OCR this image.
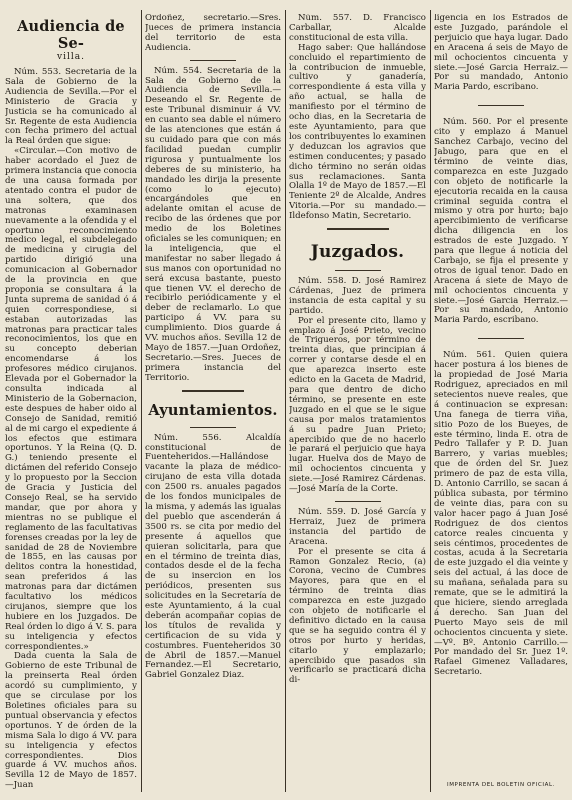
Audiencia de Se-
villa.

Núm. 553. Secretaria de la Sala de Gobierno de la Audiencia de Sevilla.—Por el Ministerio de Gracia y Justicia se ha comunicado al Sr. Regente de esta Audiencia con fecha primero del actual la Real órden que sigue:

«Circular.—Con motivo de haber acordado el Juez de primera instancia que conocia de una causa formada por atentado contra el pudor de una soltera, que dos matronas examinasen nuevamente a la ofendida y el oportuno reconocimiento medico legal, el subdelegado de medicina y cirugia del partido dirigió una comunicacion al Gobernador de la provincia en que proponia se consultara á la Junta suprema de sanidad ó á quien correspondiese, si estaban autorizadas las matronas para practicar tales reconocimientos, los que en su concepto deberian encomendarse á los profesores médico cirujanos. Elevada por el Gobernador la consulta indicada al Ministerio de la Gobernacion, este despues de haber oido al Consejo de Sanidad, remitió al de mi cargo el expediente á los efectos que estimara oportunos. Y la Reina (Q. D. G.) teniendo presente el dictámen del referido Consejo y lo propuesto por la Seccion de Gracia y Justicia del Consejo Real, se ha servido mandar, que por ahora y mientras no se publique el reglamento de las facultativas forenses creadas por la ley de sanidad de 28 de Noviembre de 1855, en las causas por delitos contra la honestidad, sean preferidos á las matronas para dar dictámen facultativo los médicos cirujanos, siempre que los hubiere en los Juzgados. De Real órden lo digo á V. S. para su inteligencia y efectos correspondientes.»

Dada cuenta la Sala de Gobierno de este Tribunal de la preinserta Real órden acordó su cumplimiento, y que se circulase por los Boletines oficiales para su puntual observancia y efectos oportunos. Y de órden de la misma Sala lo digo á VV. para su inteligencia y efectos correspondientes. Dios guarde á VV. muchos años. Sevilla 12 de Mayo de 1857.—Juan

Ordoñez, secretario.—Sres. Jueces de primera instancia del territorio de esta Audiencia.

Núm. 554. Secretaria de la Sala de Gobierno de la Audiencia de Sevilla.—Deseando el Sr. Regente de este Tribunal disminuir á VV. en cuanto sea dable el número de las atenciones que están á su cuidado para que con más facilidad puedan cumplir rigurosa y puntualmente los deberes de su ministerio, ha mandado les dirija la presente (como lo ejecuto) encargándoles que en adelante omitan el acuse de recibo de las órdenes que por medio de los Boletines oficiales se les comuniquen; en la inteligencia, que el manifestar no saber llegado á sus manos con oportunidad no será excusa bastante, puesto que tienen VV. el derecho de recibirlo periódicamente y el deber de reclamarlo. Lo que participo á VV. para su cumplimiento. Dios guarde á VV. muchos años. Sevilla 12 de Mayo de 1857.—Juan Ordoñez, Secretario.—Sres. Jueces de primera instancia del Territorio.

Ayuntamientos.

Núm. 556. Alcaldía constitucional de Fuenteheridos.—Hallándose vacante la plaza de médico-cirujano de esta villa dotada con 2500 rs. anuales pagados de los fondos municipales de la misma, y además las igualas del pueblo que ascenderán á 3500 rs. se cita por medio del presente á aquellos que quieran solicitarla, para que en el término de treinta dias, contados desde el de la fecha de su insercion en los periódicos, presenten sus solicitudes en la Secretaría de este Ayuntamiento, á la cual deberán acompañar copias de los títulos de revalida y certificacion de su vida y costumbres. Fuenteheridos 30 de Abril de 1857.—Manuel Fernandez.—El Secretario, Gabriel Gonzalez Diaz.

Núm. 557. D. Francisco Carballar, Alcalde constitucional de esta villa.

Hago saber: Que hallándose concluido el repartimiento de la contribucion de inmueble, cultivo y ganadería, correspondiente á esta villa y año actual, se halla de manifiesto por el término de ocho dias, en la Secretaria de este Ayuntamiento, para que los contribuyentes lo examinen y deduzcan los agravios que estimen conducentes; y pasado dicho término no serán oidas sus reclamaciones. Santa Olalla 1º de Mayo de 1857.—El Teniente 2º de Alcalde, Andres Vitoria.—Por su mandado.—Ildefonso Matin, Secretario.

Juzgados.

Núm. 558. D. José Ramirez Cárdenas, Juez de primera instancia de esta capital y su partido.

Por el presente cito, llamo y emplazo á José Prieto, vecino de Trigueros, por término de treinta dias, que principian á correr y contarse desde el en que aparezca inserto este edicto en la Gaceta de Madrid, para que dentro de dicho término, se presente en este Juzgado en el que se le sigue causa por malos tratamientos á su padre Juan Prieto; apercibido que de no hacerlo le parará el perjuicio que haya lugar. Huelva dos de Mayo de mil ochocientos cincuenta y siete.—José Ramirez Cárdenas.—José María de la Corte.

Núm. 559. D. José García y Herraiz, Juez de primera instancia del partido de Aracena.

Por el presente se cita á Ramon Gonzalez Recio, (a) Corona, vecino de Cumbres Mayores, para que en el término de treinta dias comparezca en este juzgado con objeto de notificarle el definitivo dictado en la causa que se ha seguido contra él y otros por hurto y heridas, citarlo y emplazarlo; apercibido que pasados sin verificarlo se practicará dicha di-

ligencia en los Estrados de este Juzgado, parándole el perjuicio que haya lugar. Dado en Aracena á seis de Mayo de mil ochocientos cincuenta y siete.—José Garcia Herraiz.—Por su mandado, Antonio Maria Pardo, escribano.

Núm. 560. Por el presente cito y emplazo á Manuel Sanchez Carbajo, vecino del Jabugo, para que en el término de veinte dias, comparezca en este Juzgado con objeto de notificarle la ejecutoria recaida en la causa criminal seguida contra el mismo y otra por hurto; bajo apercibimiento de verificarse dicha diligencia en los estrados de este Juzgado. Y para que llegue á noticia del Carbajo, se fija el presente y otros de igual tenor. Dado en Aracena á siete de Mayo de mil ochocientos cincuenta y siete.—José Garcia Herraiz.—Por su mandado, Antonio Maria Pardo, escribano.

Núm. 561. Quien quiera hacer postura á los bienes de la propiedad de José Maria Rodriguez, apreciados en mil setecientos nueve reales, que á continuacion se expresan: Una fanega de tierra viña, sitio Pozo de los Bueyes, de este término, linda E. otra de Pedro Tallafer y P. D. Juan Barrero, y varias muebles; que de órden del Sr. Juez primero de paz de esta villa, D. Antonio Carrillo, se sacan á pública subasta, por término de veinte dias, para con su valor hacer pago á Juan José Rodriguez de dos cientos catorce reales cincuenta y seis céntimos, procedentes de costas, acuda á la Secretaria de este juzgado el dia veinte y seis del actual, á las doce de su mañana, señalada para su remate, que se le admitirá la que hiciere, siendo arreglada á derecho. San Juan del Puerto Mayo seis de mil ochocientos cincuenta y siete.—Vº. Bº. Antonio Carrillo.—Por mandado del Sr. Juez 1º. Rafael Gimenez Valladares, Secretario.

IMPRENTA DEL BOLETIN OFICIAL.
